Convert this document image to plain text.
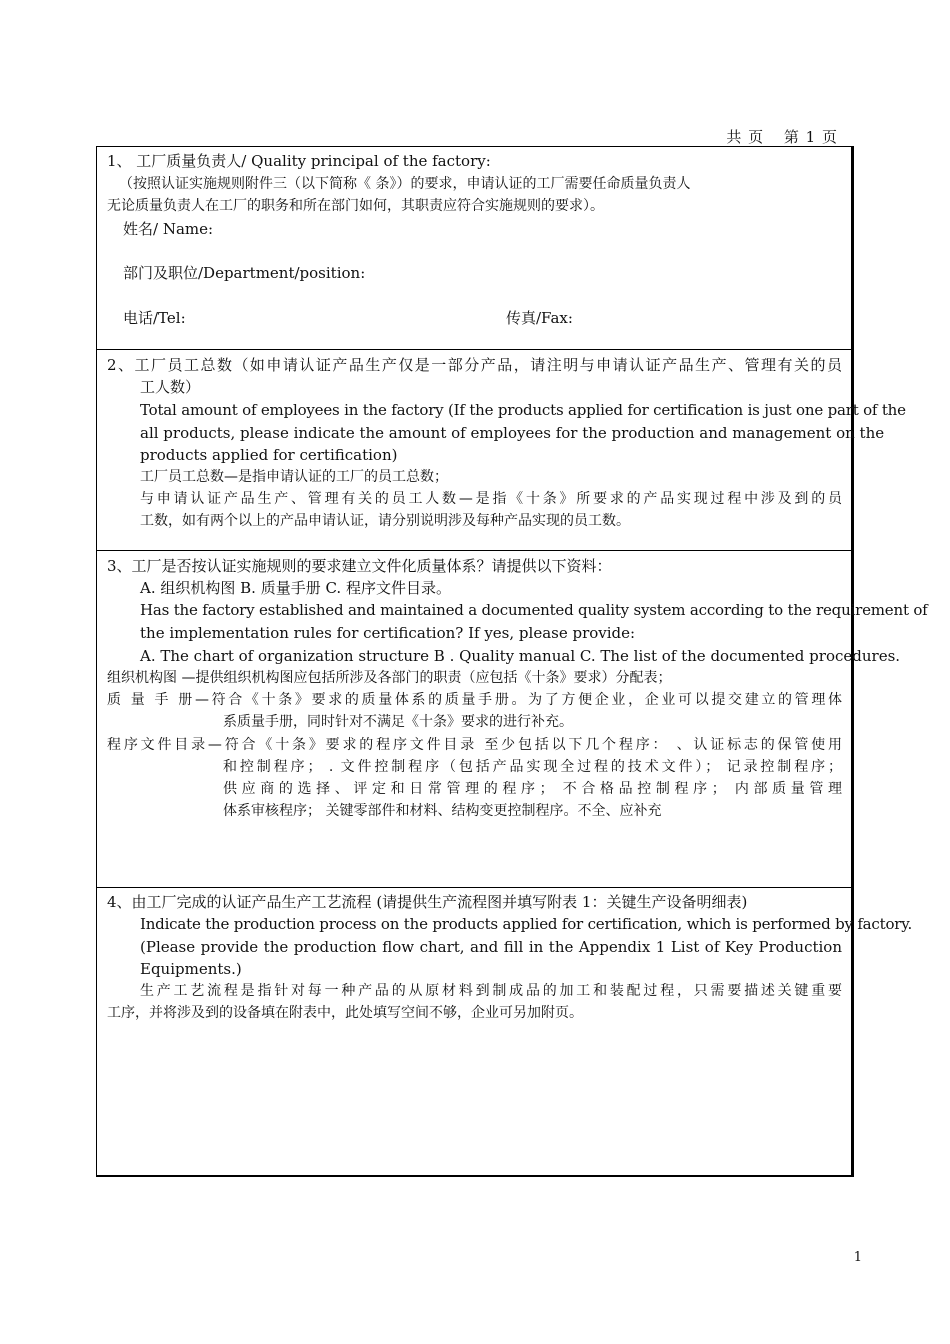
共 页 第 1 页
1、 工厂质量负责人/ Quality principal of the factory:
（按照认证实施规则附件三（以下简称《 条》）的要求，申请认证的工厂需要任命质量负责人
无论质量负责人在工厂的职务和所在部门如何，其职责应符合实施规则的要求）。
姓名/ Name:
部门及职位/Department/position:
电话/Tel:	传真/Fax:
2、工厂员工总数（如申请认证产品生产仅是一部分产品，请注明与申请认证产品生产、管理有关的员
工人数）
Total amount of employees in the factory (If the products applied for certification is just one part of the
all products, please indicate the amount of employees for the production and management on the
products applied for certification)
工厂员工总数—是指申请认证的工厂的员工总数；
与申请认证产品生产、管理有关的员工人数—是指《十条》所要求的产品实现过程中涉及到的员
工数，如有两个以上的产品申请认证，请分别说明涉及每种产品实现的员工数。
3、工厂是否按认证实施规则的要求建立文件化质量体系？请提供以下资料：
A. 组织机构图 B. 质量手册 C. 程序文件目录。
Has the factory established and maintained a documented quality system according to the requirement of
the implementation rules for certification? If yes, please provide:
A. The chart of organization structure B . Quality manual C. The list of the documented procedures.
组织机构图 —提供组织机构图应包括所涉及各部门的职责（应包括《十条》要求）分配表；
质 量 手 册—符合《十条》要求的质量体系的质量手册。为了方便企业，企业可以提交建立的管理体
系质量手册，同时针对不满足《十条》要求的进行补充。
程序文件目录—符合《十条》要求的程序文件目录 至少包括以下几个程序： 、认证标志的保管使用
和控制程序； . 文件控制程序（包括产品实现全过程的技术文件）； 记录控制程序；
供应商的选择、评定和日常管理的程序； 不合格品控制程序； 内部质量管理
体系审核程序； 关键零部件和材料、结构变更控制程序。不全、应补充
4、由工厂完成的认证产品生产工艺流程 (请提供生产流程图并填写附表 1：关键生产设备明细表)
Indicate the production process on the products applied for certification, which is performed by factory.
(Please provide the production flow chart, and fill in the Appendix 1 List of Key Production
Equipments.)
生产工艺流程是指针对每一种产品的从原材料到制成品的加工和装配过程，只需要描述关键重要
工序，并将涉及到的设备填在附表中，此处填写空间不够，企业可另加附页。
1
